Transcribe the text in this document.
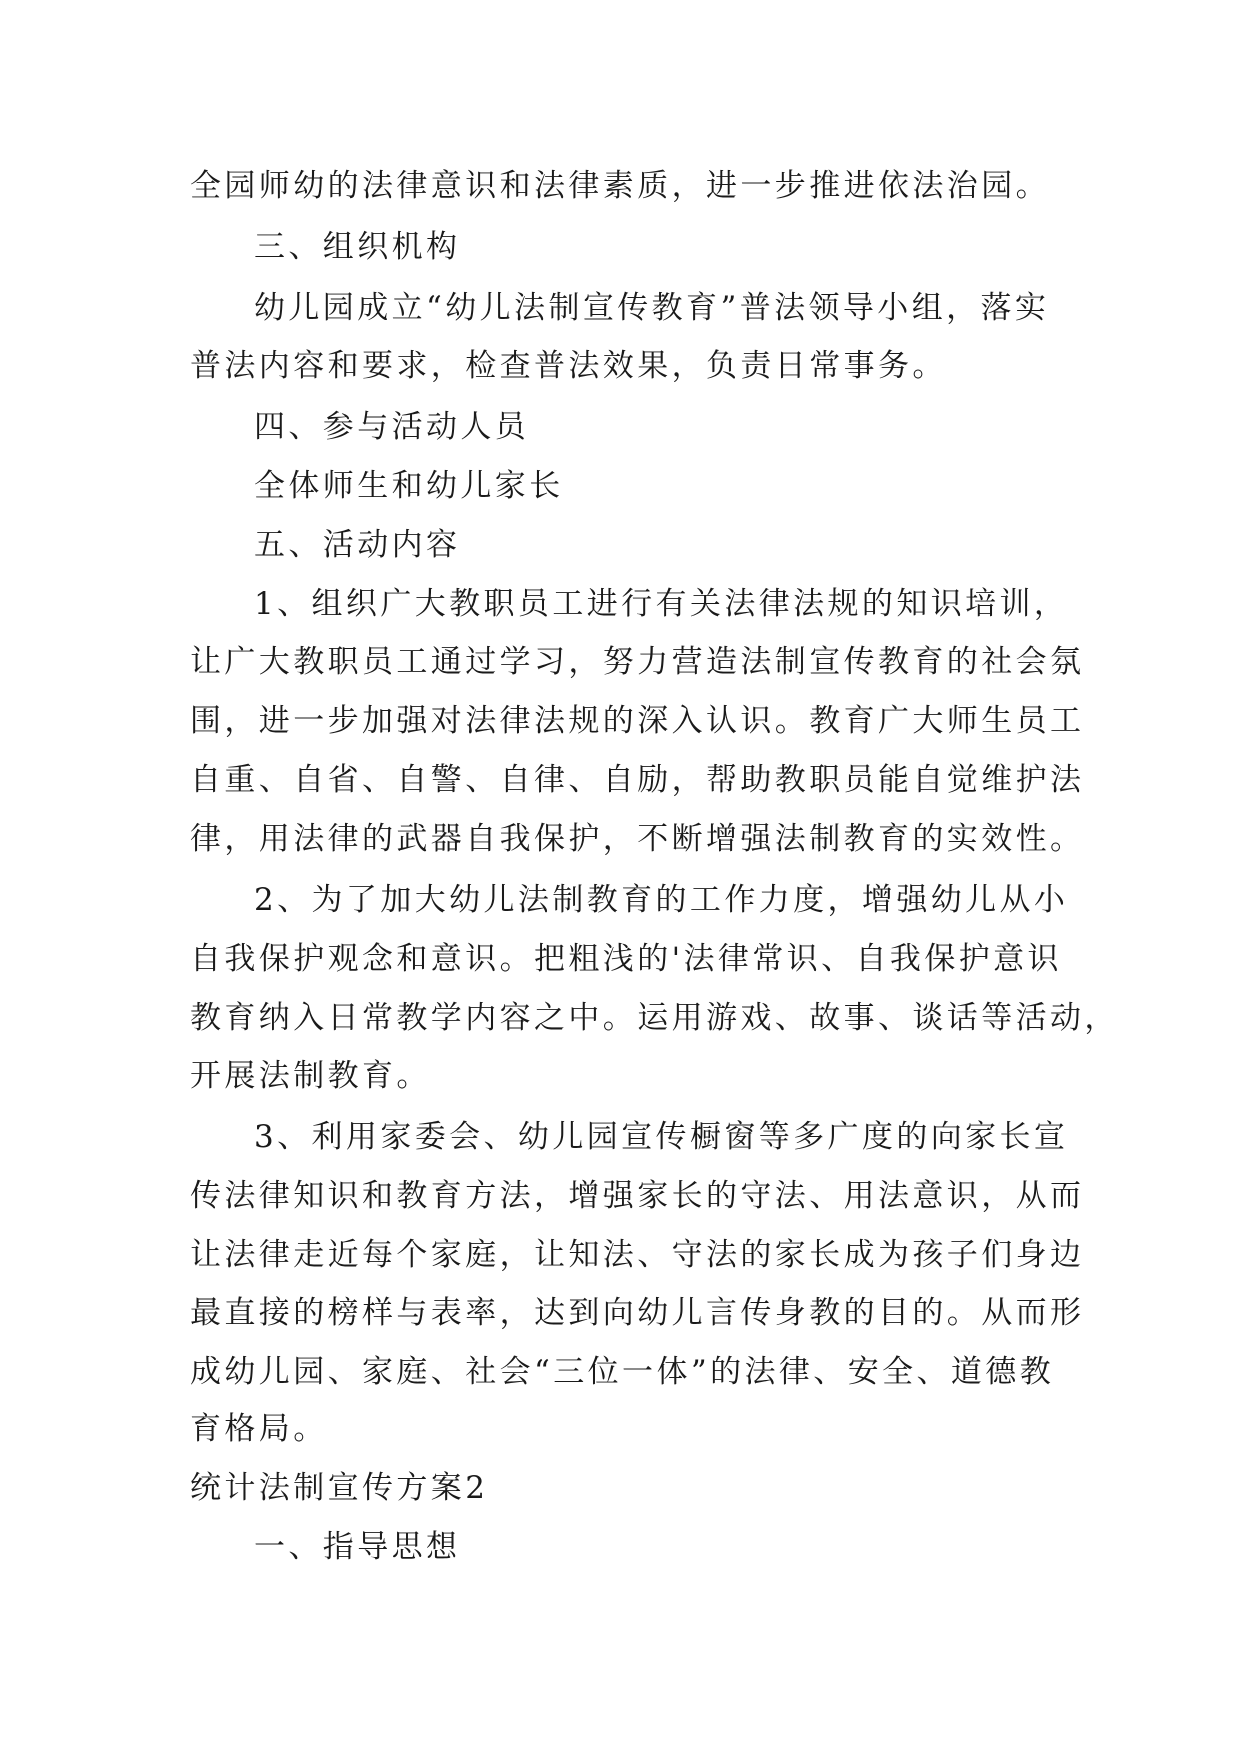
全园师幼的法律意识和法律素质，进一步推进依法治园。
三、组织机构
幼儿园成立“幼儿法制宣传教育”普法领导小组，落实
普法内容和要求，检查普法效果，负责日常事务。
四、参与活动人员
全体师生和幼儿家长
五、活动内容
1、组织广大教职员工进行有关法律法规的知识培训，
让广大教职员工通过学习，努力营造法制宣传教育的社会氛
围，进一步加强对法律法规的深入认识。教育广大师生员工
自重、自省、自警、自律、自励，帮助教职员能自觉维护法
律，用法律的武器自我保护，不断增强法制教育的实效性。
2、为了加大幼儿法制教育的工作力度，增强幼儿从小
自我保护观念和意识。把粗浅的'法律常识、自我保护意识
教育纳入日常教学内容之中。运用游戏、故事、谈话等活动，
开展法制教育。
3、利用家委会、幼儿园宣传橱窗等多广度的向家长宣
传法律知识和教育方法，增强家长的守法、用法意识，从而
让法律走近每个家庭，让知法、守法的家长成为孩子们身边
最直接的榜样与表率，达到向幼儿言传身教的目的。从而形
成幼儿园、家庭、社会“三位一体”的法律、安全、道德教
育格局。
统计法制宣传方案2
一、指导思想
